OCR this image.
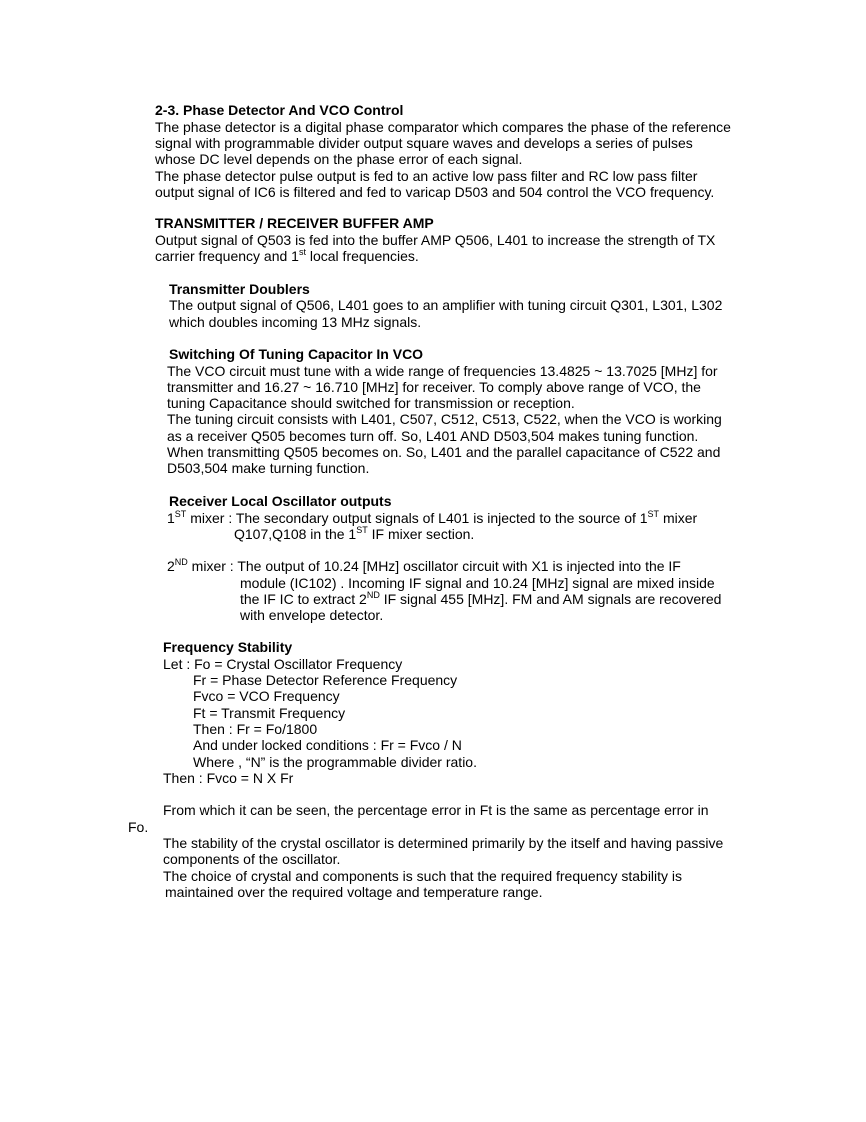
2-3. Phase Detector And VCO Control
The phase detector is a digital phase comparator which compares the phase of the reference
signal with programmable divider output square waves and develops a series of pulses
whose DC level depends on the phase error of each signal.
The phase detector pulse output is fed to an active low pass filter and RC low pass filter
output signal of IC6 is filtered and fed to varicap D503 and 504 control the VCO frequency.
TRANSMITTER / RECEIVER BUFFER AMP
Output signal of Q503 is fed into the buffer AMP Q506, L401 to increase the strength of TX
carrier frequency and 1st local frequencies.
Transmitter Doublers
The output signal of Q506, L401 goes to an amplifier with tuning circuit Q301, L301, L302
which doubles incoming 13 MHz signals.
Switching Of Tuning Capacitor In VCO
The VCO circuit must tune with a wide range of frequencies 13.4825 ~ 13.7025 [MHz] for
transmitter and 16.27 ~ 16.710 [MHz] for receiver. To comply above range of VCO, the
tuning Capacitance should switched for transmission or reception.
The tuning circuit consists with L401, C507, C512, C513, C522, when the VCO is working
as a receiver Q505 becomes turn off. So, L401 AND D503,504 makes tuning function.
When transmitting Q505 becomes on. So, L401 and the parallel capacitance of C522 and
D503,504 make turning function.
Receiver Local Oscillator outputs
1ST mixer : The secondary output signals of L401 is injected to the source of 1ST mixer
Q107,Q108 in the 1ST IF mixer section.
2ND mixer : The output of 10.24 [MHz] oscillator circuit with X1 is injected into the IF
module (IC102) . Incoming IF signal and 10.24 [MHz] signal are mixed inside
the IF IC to extract 2ND IF signal 455 [MHz]. FM and AM signals are recovered
with envelope detector.
Frequency Stability
Let : Fo = Crystal Oscillator Frequency
Fr = Phase Detector Reference Frequency
Fvco = VCO Frequency
Ft = Transmit Frequency
Then : Fr = Fo/1800
And under locked conditions : Fr = Fvco / N
Where , “N” is the programmable divider ratio.
Then : Fvco = N X Fr
From which it can be seen, the percentage error in Ft is the same as percentage error in
Fo.
The stability of the crystal oscillator is determined primarily by the itself and having passive
components of the oscillator.
The choice of crystal and components is such that the required frequency stability is
maintained over the required voltage and temperature range.
